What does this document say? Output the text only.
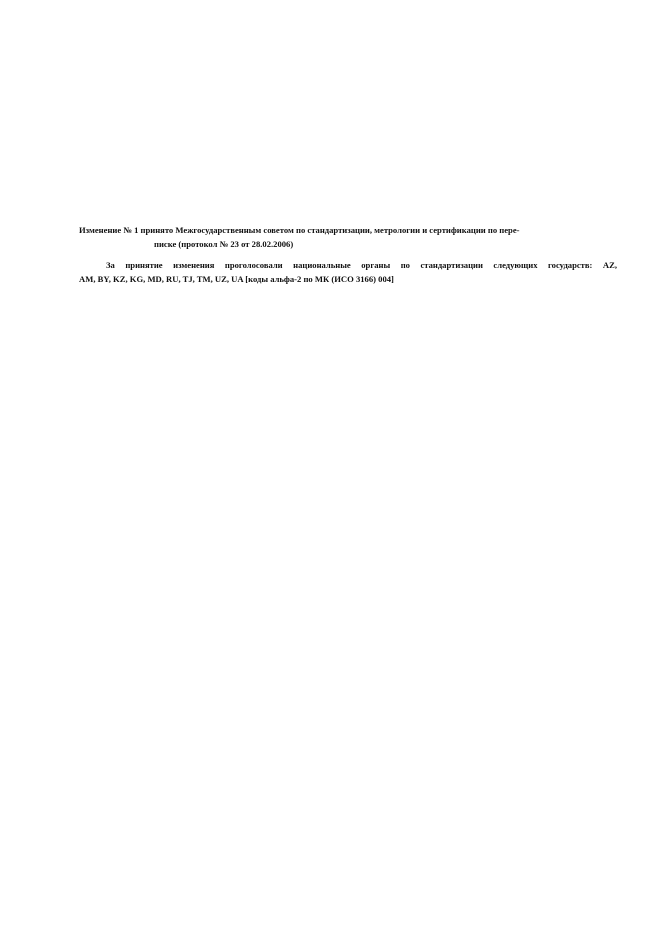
Изменение № 1 принято Межгосударственным советом по стандартизации, метрологии и сертификации по пере-
писке (протокол № 23 от 28.02.2006)
За принятие изменения проголосовали национальные органы по стандартизации следующих государств: AZ,
AM, BY, KZ, KG, MD, RU, TJ, TM, UZ, UA [коды альфа-2 по МК (ИСО 3166) 004]
